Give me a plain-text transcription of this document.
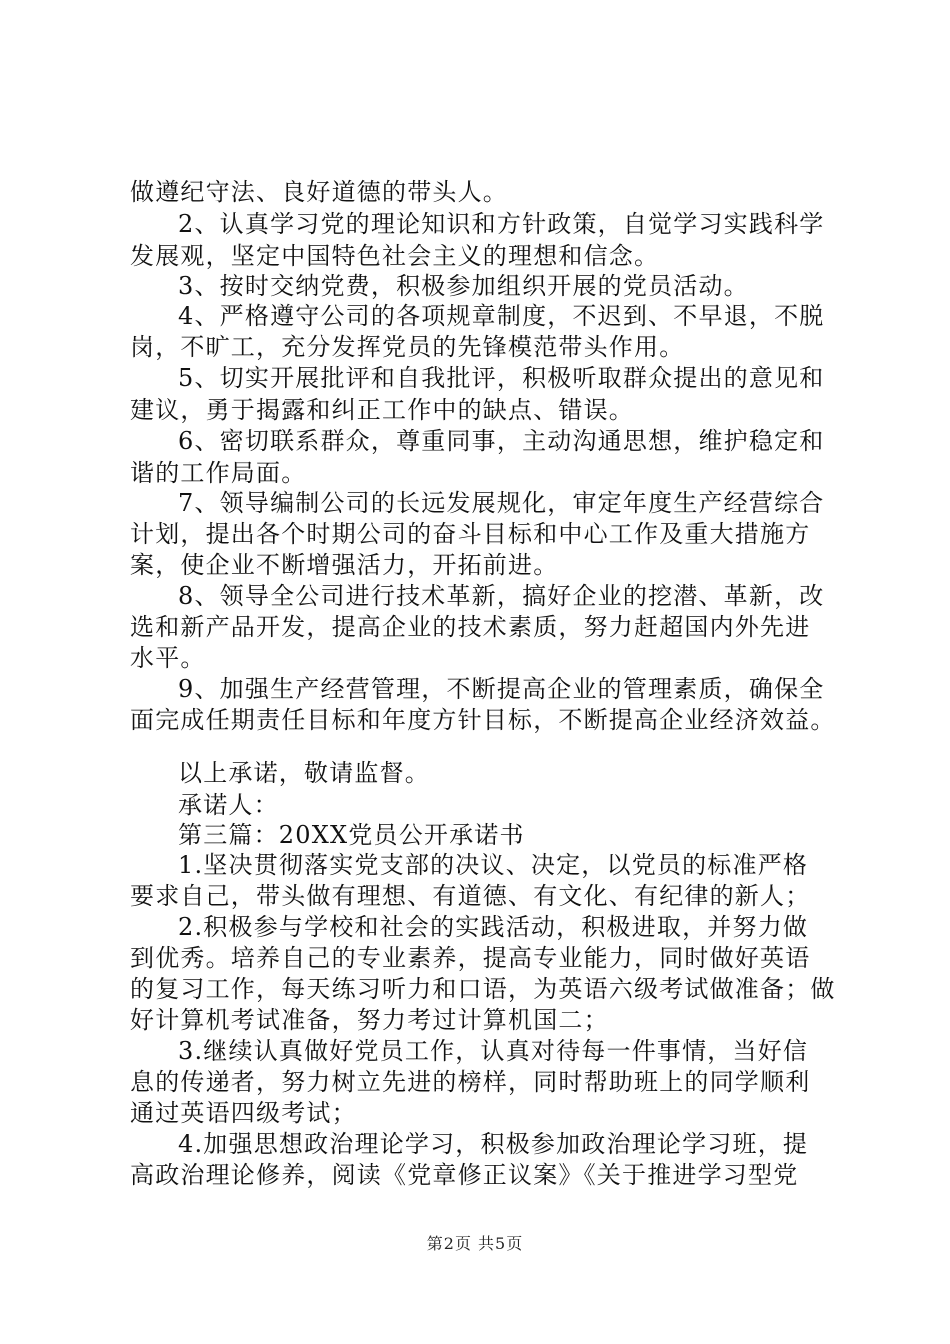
做遵纪守法、良好道德的带头人。
2、认真学习党的理论知识和方针政策，自觉学习实践科学
发展观，坚定中国特色社会主义的理想和信念。
3、按时交纳党费，积极参加组织开展的党员活动。
4、严格遵守公司的各项规章制度，不迟到、不早退，不脱
岗，不旷工，充分发挥党员的先锋模范带头作用。
5、切实开展批评和自我批评，积极听取群众提出的意见和
建议，勇于揭露和纠正工作中的缺点、错误。
6、密切联系群众，尊重同事，主动沟通思想，维护稳定和
谐的工作局面。
7、领导编制公司的长远发展规化，审定年度生产经营综合
计划，提出各个时期公司的奋斗目标和中心工作及重大措施方
案，使企业不断增强活力，开拓前进。
8、领导全公司进行技术革新，搞好企业的挖潜、革新，改
选和新产品开发，提高企业的技术素质，努力赶超国内外先进
水平。
9、加强生产经营管理，不断提高企业的管理素质，确保全
面完成任期责任目标和年度方针目标，不断提高企业经济效益。
以上承诺，敬请监督。
承诺人：
第三篇：20XX党员公开承诺书
1.坚决贯彻落实党支部的决议、决定，以党员的标准严格
要求自己，带头做有理想、有道德、有文化、有纪律的新人；
2.积极参与学校和社会的实践活动，积极进取，并努力做
到优秀。培养自己的专业素养，提高专业能力，同时做好英语
的复习工作，每天练习听力和口语，为英语六级考试做准备；做
好计算机考试准备，努力考过计算机国二；
3.继续认真做好党员工作，认真对待每一件事情，当好信
息的传递者，努力树立先进的榜样，同时帮助班上的同学顺利
通过英语四级考试；
4.加强思想政治理论学习，积极参加政治理论学习班，提
高政治理论修养，阅读《党章修正议案》《关于推进学习型党
第2页 共5页
